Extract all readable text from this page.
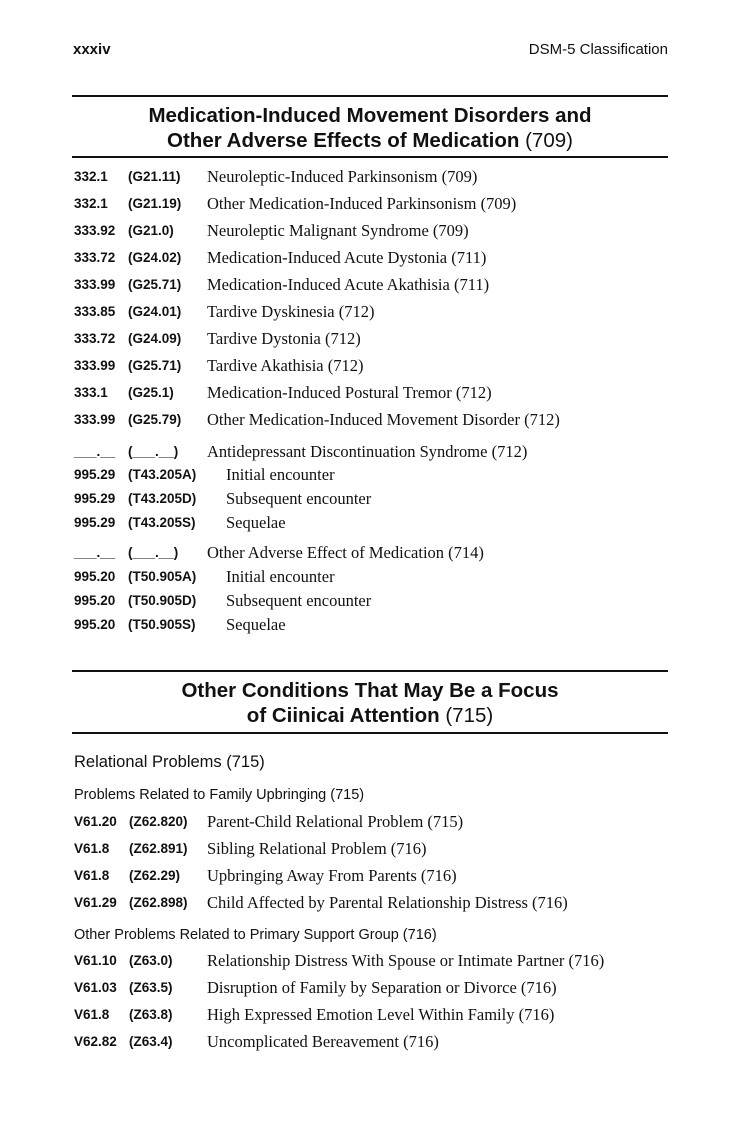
xxxiv	DSM-5 Classification
Medication-Induced Movement Disorders and
Other Adverse Effects of Medication (709)
332.1 (G21.11) Neuroleptic-Induced Parkinsonism (709)
332.1 (G21.19) Other Medication-Induced Parkinsonism (709)
333.92 (G21.0) Neuroleptic Malignant Syndrome (709)
333.72 (G24.02) Medication-Induced Acute Dystonia (711)
333.99 (G25.71) Medication-Induced Acute Akathisia (711)
333.85 (G24.01) Tardive Dyskinesia (712)
333.72 (G24.09) Tardive Dystonia (712)
333.99 (G25.71) Tardive Akathisia (712)
333.1 (G25.1) Medication-Induced Postural Tremor (712)
333.99 (G25.79) Other Medication-Induced Movement Disorder (712)
___.__ (___.__) Antidepressant Discontinuation Syndrome (712)
995.29 (T43.205A) Initial encounter
995.29 (T43.205D) Subsequent encounter
995.29 (T43.205S) Sequelae
___.__ (___.__) Other Adverse Effect of Medication (714)
995.20 (T50.905A) Initial encounter
995.20 (T50.905D) Subsequent encounter
995.20 (T50.905S) Sequelae
Other Conditions That May Be a Focus
of Ciinicai Attention (715)
Relational Problems (715)
Problems Related to Family Upbringing (715)
V61.20 (Z62.820) Parent-Child Relational Problem (715)
V61.8 (Z62.891) Sibling Relational Problem (716)
V61.8 (Z62.29) Upbringing Away From Parents (716)
V61.29 (Z62.898) Child Affected by Parental Relationship Distress (716)
Other Problems Related to Primary Support Group (716)
V61.10 (Z63.0) Relationship Distress With Spouse or Intimate Partner (716)
V61.03 (Z63.5) Disruption of Family by Separation or Divorce (716)
V61.8 (Z63.8) High Expressed Emotion Level Within Family (716)
V62.82 (Z63.4) Uncomplicated Bereavement (716)
